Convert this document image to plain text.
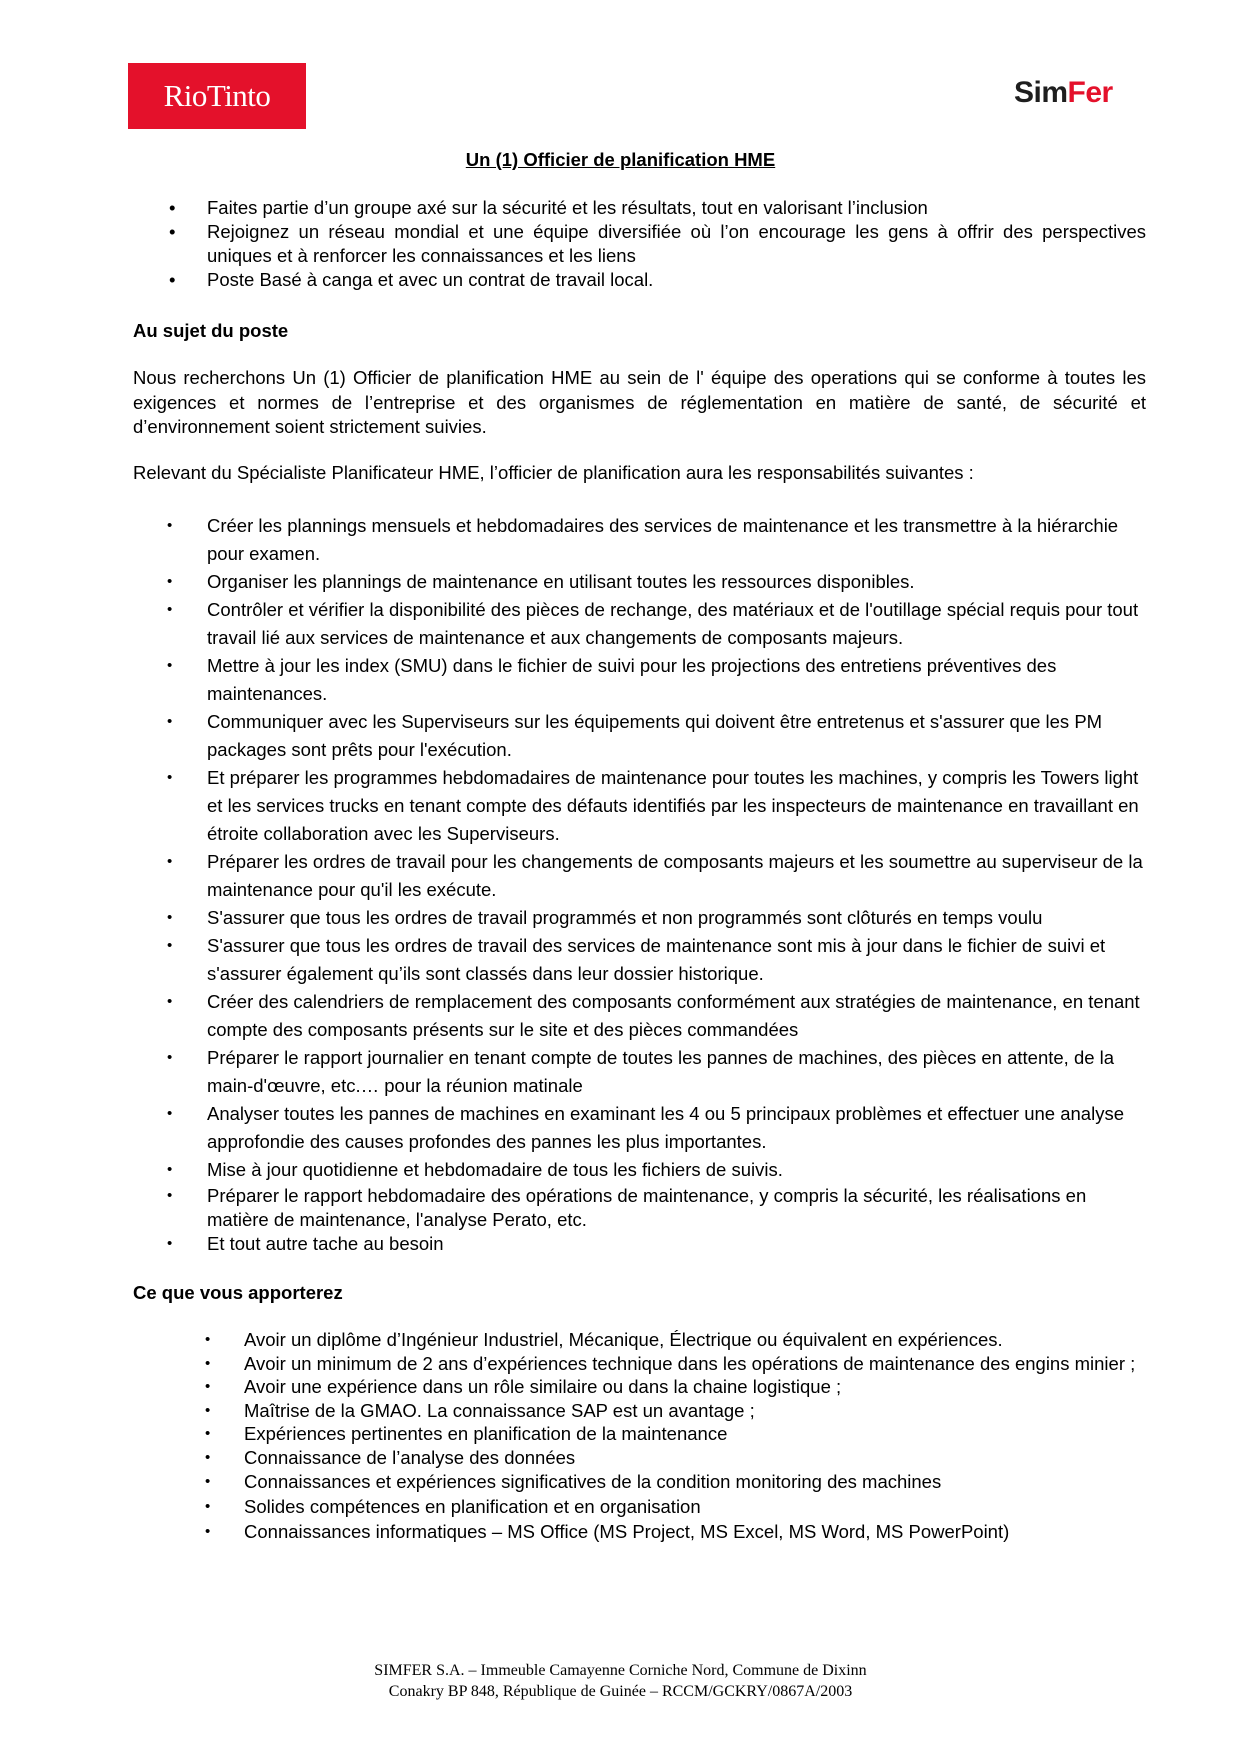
RioTinto	SimFer
Un (1) Officier de planification HME
• Faites partie d’un groupe axé sur la sécurité et les résultats, tout en valorisant l’inclusion
• Rejoignez un réseau mondial et une équipe diversifiée où l’on encourage les gens à offrir des perspectives uniques et à renforcer les connaissances et les liens
• Poste Basé à canga et avec un contrat de travail local.
Au sujet du poste
Nous recherchons Un (1) Officier de planification HME au sein de l' équipe des operations qui se conforme à toutes les exigences et normes de l’entreprise et des organismes de réglementation en matière de santé, de sécurité et d’environnement soient strictement suivies.
Relevant du Spécialiste Planificateur HME, l’officier de planification aura les responsabilités suivantes :
• Créer les plannings mensuels et hebdomadaires des services de maintenance et les transmettre à la hiérarchie pour examen.
• Organiser les plannings de maintenance en utilisant toutes les ressources disponibles.
• Contrôler et vérifier la disponibilité des pièces de rechange, des matériaux et de l'outillage spécial requis pour tout travail lié aux services de maintenance et aux changements de composants majeurs.
• Mettre à jour les index (SMU) dans le fichier de suivi pour les projections des entretiens préventives des maintenances.
• Communiquer avec les Superviseurs sur les équipements qui doivent être entretenus et s'assurer que les PM packages sont prêts pour l'exécution.
• Et préparer les programmes hebdomadaires de maintenance pour toutes les machines, y compris les Towers light et les services trucks en tenant compte des défauts identifiés par les inspecteurs de maintenance en travaillant en étroite collaboration avec les Superviseurs.
• Préparer les ordres de travail pour les changements de composants majeurs et les soumettre au superviseur de la maintenance pour qu'il les exécute.
• S'assurer que tous les ordres de travail programmés et non programmés sont clôturés en temps voulu
• S'assurer que tous les ordres de travail des services de maintenance sont mis à jour dans le fichier de suivi et s'assurer également qu’ils sont classés dans leur dossier historique.
• Créer des calendriers de remplacement des composants conformément aux stratégies de maintenance, en tenant compte des composants présents sur le site et des pièces commandées
• Préparer le rapport journalier en tenant compte de toutes les pannes de machines, des pièces en attente, de la main-d'œuvre, etc.… pour la réunion matinale
• Analyser toutes les pannes de machines en examinant les 4 ou 5 principaux problèmes et effectuer une analyse approfondie des causes profondes des pannes les plus importantes.
• Mise à jour quotidienne et hebdomadaire de tous les fichiers de suivis.
• Préparer le rapport hebdomadaire des opérations de maintenance, y compris la sécurité, les réalisations en matière de maintenance, l'analyse Perato, etc.
• Et tout autre tache au besoin
Ce que vous apporterez
• Avoir un diplôme d’Ingénieur Industriel, Mécanique, Électrique ou équivalent en expériences.
• Avoir un minimum de 2 ans d’expériences technique dans les opérations de maintenance des engins minier ;
• Avoir une expérience dans un rôle similaire ou dans la chaine logistique ;
• Maîtrise de la GMAO. La connaissance SAP est un avantage ;
• Expériences pertinentes en planification de la maintenance
• Connaissance de l’analyse des données
• Connaissances et expériences significatives de la condition monitoring des machines
• Solides compétences en planification et en organisation
• Connaissances informatiques – MS Office (MS Project, MS Excel, MS Word, MS PowerPoint)
SIMFER S.A. – Immeuble Camayenne Corniche Nord, Commune de Dixinn
Conakry BP 848, République de Guinée – RCCM/GCKRY/0867A/2003
